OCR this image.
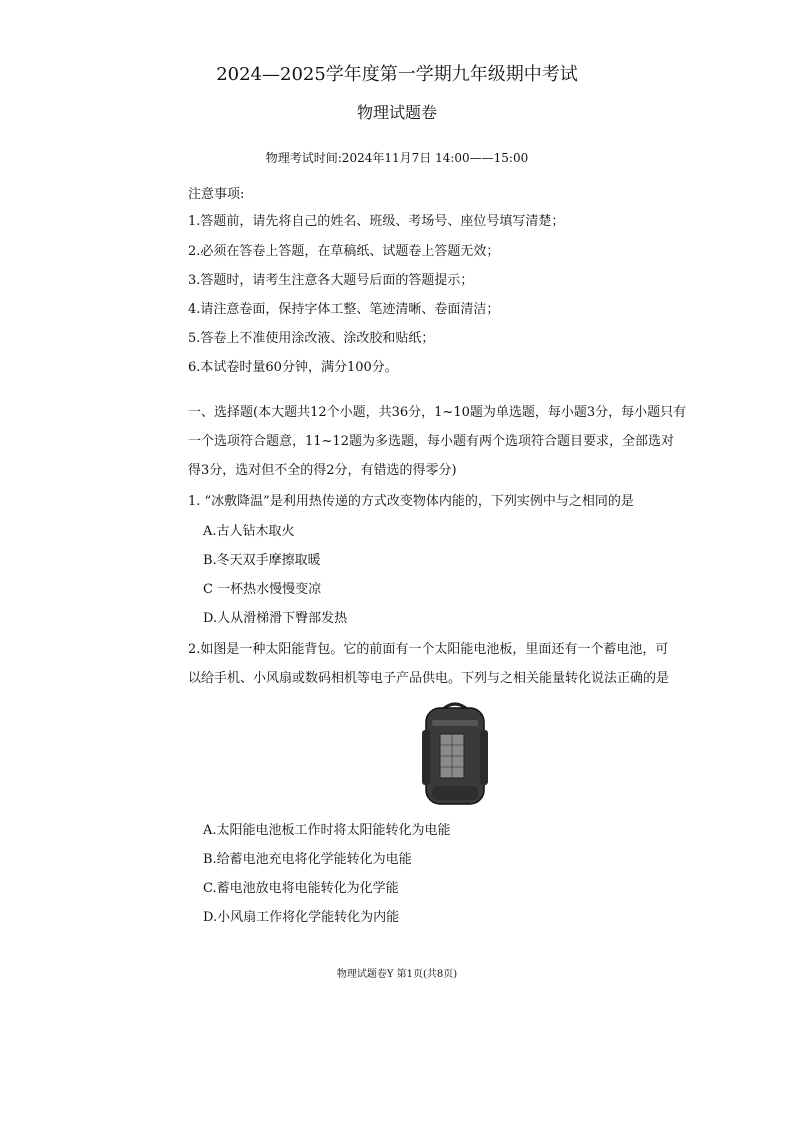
2024—2025学年度第一学期九年级期中考试
物理试题卷
物理考试时间:2024年11月7日 14:00——15:00
注意事项:
1.答题前，请先将自己的姓名、班级、考场号、座位号填写清楚；
2.必须在答卷上答题，在草稿纸、试题卷上答题无效；
3.答题时，请考生注意各大题号后面的答题提示；
4.请注意卷面，保持字体工整、笔迹清晰、卷面清洁；
5.答卷上不准使用涂改液、涂改胶和贴纸；
6.本试卷时量60分钟，满分100分。
一、选择题(本大题共12个小题，共36分，1~10题为单选题，每小题3分，每小题只有
一个选项符合题意，11~12题为多选题，每小题有两个选项符合题目要求，全部选对
得3分，选对但不全的得2分，有错选的得零分)
1. “冰敷降温”是利用热传递的方式改变物体内能的，下列实例中与之相同的是
A.古人钻木取火
B.冬天双手摩擦取暖
C 一杯热水慢慢变凉
D.人从滑梯滑下臀部发热
2.如图是一种太阳能背包。它的前面有一个太阳能电池板，里面还有一个蓄电池，可
以给手机、小风扇或数码相机等电子产品供电。下列与之相关能量转化说法正确的是
A.太阳能电池板工作时将太阳能转化为电能
B.给蓄电池充电将化学能转化为电能
C.蓄电池放电将电能转化为化学能
D.小风扇工作将化学能转化为内能
物理试题卷Y 第1页(共8页)
